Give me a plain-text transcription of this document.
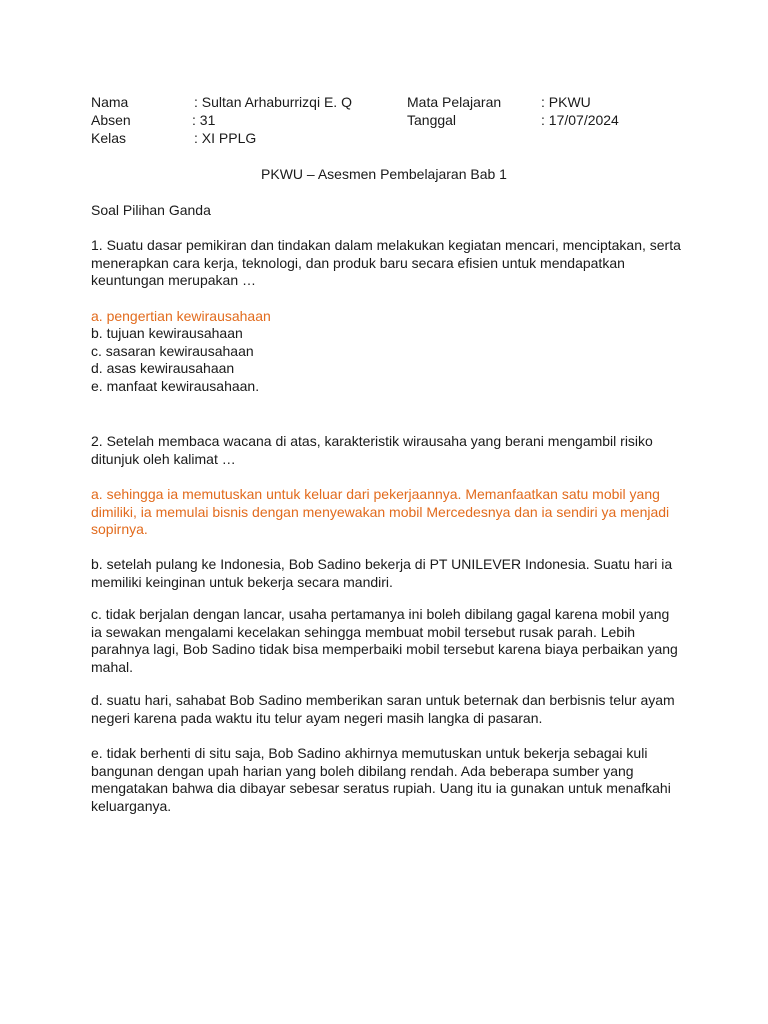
Nama	: Sultan Arhaburrizqi E. Q	Mata Pelajaran	: PKWU
Absen	: 31	Tanggal	: 17/07/2024
Kelas	: XI PPLG
PKWU – Asesmen Pembelajaran Bab 1
Soal Pilihan Ganda
1. Suatu dasar pemikiran dan tindakan dalam melakukan kegiatan mencari, menciptakan, serta menerapkan cara kerja, teknologi, dan produk baru secara efisien untuk mendapatkan keuntungan merupakan …
a. pengertian kewirausahaan
b. tujuan kewirausahaan
c. sasaran kewirausahaan
d. asas kewirausahaan
e. manfaat kewirausahaan.
2. Setelah membaca wacana di atas, karakteristik wirausaha yang berani mengambil risiko ditunjuk oleh kalimat …
a. sehingga ia memutuskan untuk keluar dari pekerjaannya. Memanfaatkan satu mobil yang dimiliki, ia memulai bisnis dengan menyewakan mobil Mercedesnya dan ia sendiri ya menjadi sopirnya.
b. setelah pulang ke Indonesia, Bob Sadino bekerja di PT UNILEVER Indonesia. Suatu hari ia memiliki keinginan untuk bekerja secara mandiri.
c. tidak berjalan dengan lancar, usaha pertamanya ini boleh dibilang gagal karena mobil yang ia sewakan mengalami kecelakan sehingga membuat mobil tersebut rusak parah. Lebih parahnya lagi, Bob Sadino tidak bisa memperbaiki mobil tersebut karena biaya perbaikan yang mahal.
d. suatu hari, sahabat Bob Sadino memberikan saran untuk beternak dan berbisnis telur ayam negeri karena pada waktu itu telur ayam negeri masih langka di pasaran.
e. tidak berhenti di situ saja, Bob Sadino akhirnya memutuskan untuk bekerja sebagai kuli bangunan dengan upah harian yang boleh dibilang rendah. Ada beberapa sumber yang mengatakan bahwa dia dibayar sebesar seratus rupiah. Uang itu ia gunakan untuk menafkahi keluarganya.
